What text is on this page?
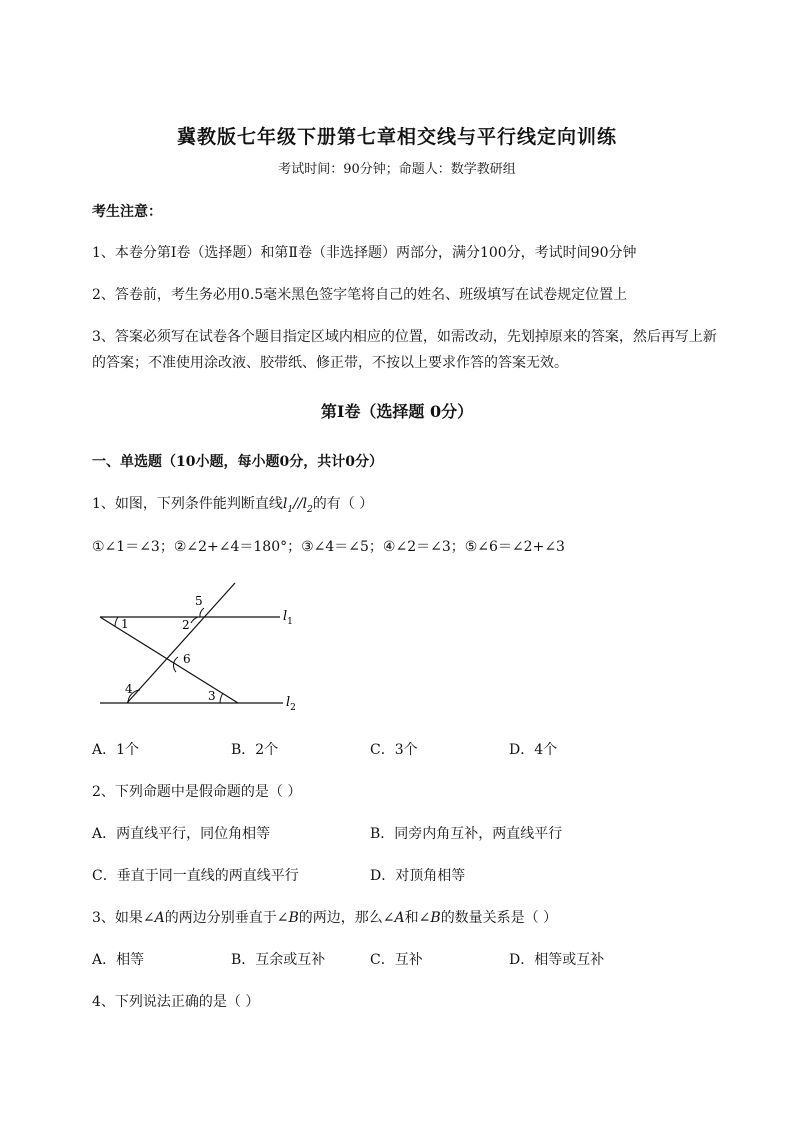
冀教版七年级下册第七章相交线与平行线定向训练
考试时间：90分钟；命题人：数学教研组
考生注意：
1、本卷分第Ⅰ卷（选择题）和第Ⅱ卷（非选择题）两部分，满分100分，考试时间90分钟
2、答卷前，考生务必用0.5毫米黑色签字笔将自己的姓名、班级填写在试卷规定位置上
3、答案必须写在试卷各个题目指定区域内相应的位置，如需改动，先划掉原来的答案，然后再写上新
的答案；不准使用涂改液、胶带纸、修正带，不按以上要求作答的答案无效。
第Ⅰ卷（选择题 0分）
一、单选题（10小题，每小题0分，共计0分）
1、如图，下列条件能判断直线$l_1//l_2$的有（ ）
①∠1＝∠3；②∠2+∠4＝180°；③∠4＝∠5；④∠2＝∠3；⑤∠6＝∠2+∠3
5
2
1
6
4	3
$l_1$
$l_2$
A．1个	B．2个	C．3个	D．4个
2、下列命题中是假命题的是（ ）
A．两直线平行，同位角相等	B．同旁内角互补，两直线平行
C．垂直于同一直线的两直线平行	D．对顶角相等
3、如果∠A的两边分别垂直于∠B的两边，那么∠A和∠B的数量关系是（ ）
A．相等	B．互余或互补	C．互补	D．相等或互补
4、下列说法正确的是（ ）
